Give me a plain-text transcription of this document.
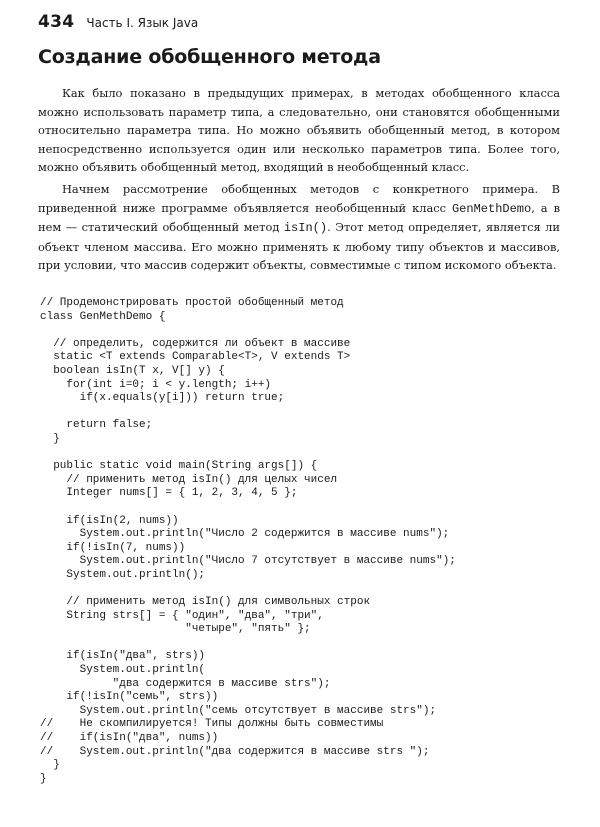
434 Часть I. Язык Java
Создание обобщенного метода

Как было показано в предыдущих примерах, в методах обобщенного класса можно использовать параметр типа, а следовательно, они становятся обобщенными относительно параметра типа. Но можно объявить обобщенный метод, в котором непосредственно используется один или несколько параметров типа. Более того, можно объявить обобщенный метод, входящий в необобщенный класс.

Начнем рассмотрение обобщенных методов с конкретного примера. В приведенной ниже программе объявляется необобщенный класс GenMethDemo, а в нем — статический обобщенный метод isIn(). Этот метод определяет, является ли объект членом массива. Его можно применять к любому типу объектов и массивов, при условии, что массив содержит объекты, совместимые с типом искомого объекта.

// Продемонстрировать простой обобщенный метод
class GenMethDemo {
// определить, содержится ли объект в массиве
static <T extends Comparable<T>, V extends T>
boolean isIn(T x, V[] y) {
for(int i=0; i < y.length; i++)
if(x.equals(y[i])) return true;
return false;
}
public static void main(String args[]) {
// применить метод isIn() для целых чисел
Integer nums[] = { 1, 2, 3, 4, 5 };
if(isIn(2, nums))
System.out.println("Число 2 содержится в массиве nums");
if(!isIn(7, nums))
System.out.println("Число 7 отсутствует в массиве nums");
System.out.println();
// применить метод isIn() для символьных строк
String strs[] = { "один", "два", "три",
"четыре", "пять" };
if(isIn("два", strs))
System.out.println(
"два содержится в массиве strs");
if(!isIn("семь", strs))
System.out.println("семь отсутствует в массиве strs");
//    Не скомпилируется! Типы должны быть совместимы
//    if(isIn("два", nums))
//    System.out.println("два содержится в массиве strs ");
}
}
